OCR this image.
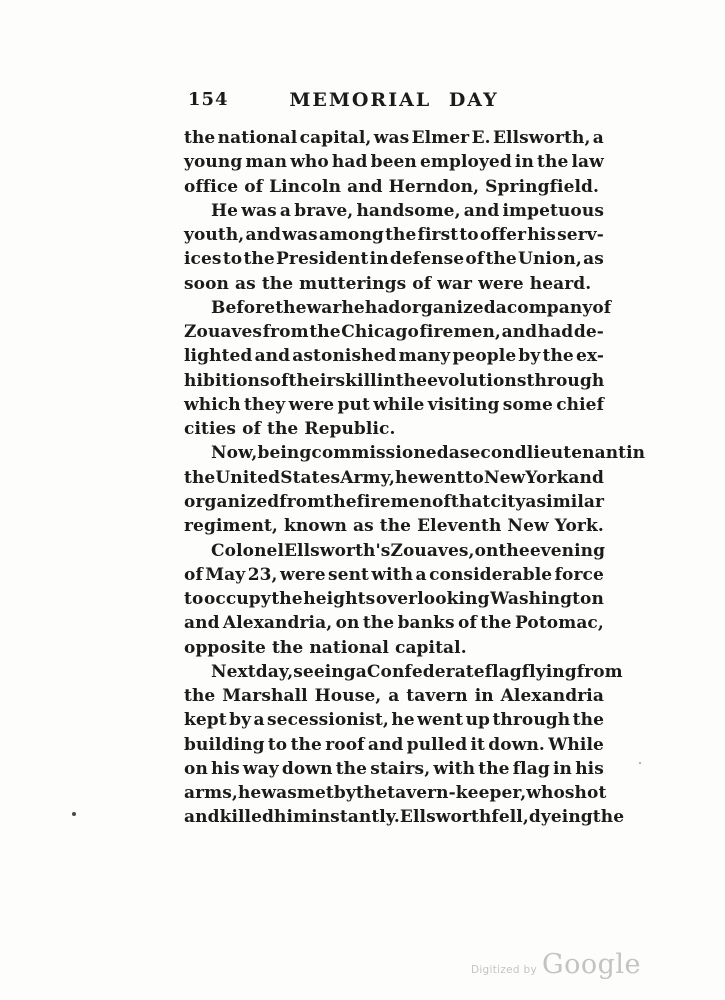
MEMORIAL DAY
154
the national capital, was Elmer E. Ellsworth, a
young man who had been employed in the law
office of Lincoln and Herndon, Springfield.
He was a brave, handsome, and impetuous
youth, and was among the first to offer his serv-
ices to the President in defense of the Union, as
soon as the mutterings of war were heard.
Before the war he had organized a company of
Zouaves from the Chicago firemen, and had de-
lighted and astonished many people by the ex-
hibitions of their skill in the evolutions through
which they were put while visiting some chief
cities of the Republic.
Now, being commissioned a second lieutenant in
the United States Army, he went to New York and
organized from the firemen of that city a similar
regiment, known as the Eleventh New York.
Colonel Ellsworth's Zouaves, on the evening
of May 23, were sent with a considerable force
to occupy the heights overlooking Washington
and Alexandria, on the banks of the Potomac,
opposite the national capital.
Next day, seeing a Confederate flag flying from
the Marshall House, a tavern in Alexandria
kept by a secessionist, he went up through the
building to the roof and pulled it down. While
on his way down the stairs, with the flag in his
arms, he was met by the tavern-keeper, who shot
and killed him instantly. Ellsworth fell, dyeing the
Digitized by Google
